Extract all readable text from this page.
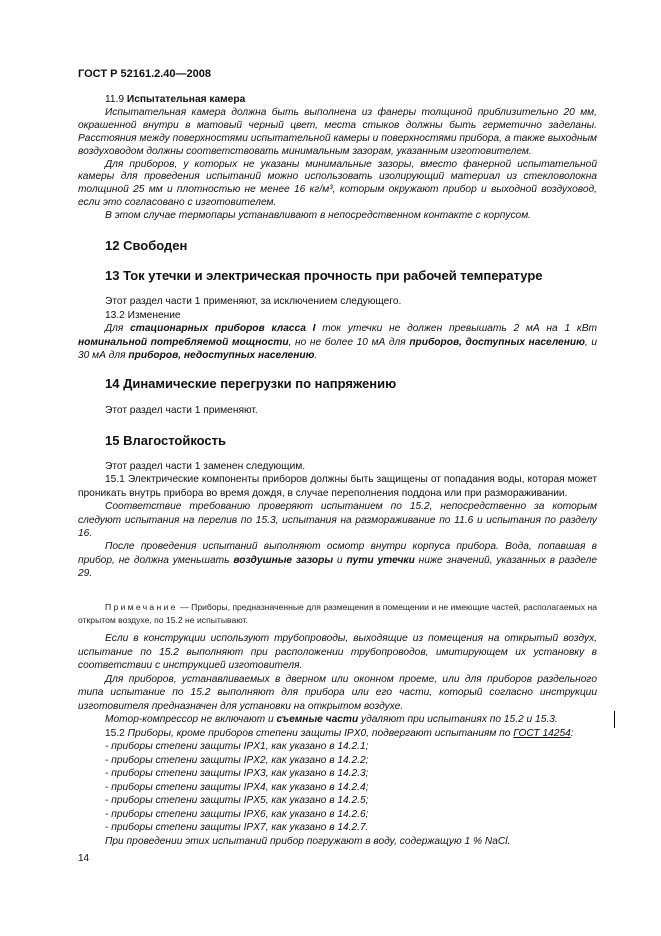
ГОСТ Р 52161.2.40—2008

11.9 Испытательная камера

Испытательная камера должна быть выполнена из фанеры толщиной приблизительно 20 мм, окрашенной внутри в матовый черный цвет, места стыков должны быть герметично заделаны. Расстояния между поверхностями испытательной камеры и поверхностями прибора, а также выходным воздуховодом должны соответствовать минимальным зазорам, указанным изготовителем.

Для приборов, у которых не указаны минимальные зазоры, вместо фанерной испытательной камеры для проведения испытаний можно использовать изолирующий материал из стекловолокна толщиной 25 мм и плотностью не менее 16 кг/м³, которым окружают прибор и выходной воздуховод, если это согласовано с изготовителем.

В этом случае термопары устанавливают в непосредственном контакте с корпусом.

12 Свободен
13 Ток утечки и электрическая прочность при рабочей температуре

Этот раздел части 1 применяют, за исключением следующего.

13.2 Изменение

Для стационарных приборов класса I ток утечки не должен превышать 2 мА на 1 кВт номинальной потребляемой мощности, но не более 10 мА для приборов, доступных населению, и 30 мА для приборов, недоступных населению.

14 Динамические перегрузки по напряжению

Этот раздел части 1 применяют.

15 Влагостойкость

Этот раздел части 1 заменен следующим.

15.1 Электрические компоненты приборов должны быть защищены от попадания воды, которая может проникать внутрь прибора во время дождя, в случае переполнения поддона или при размораживании.

Соответствие требованию проверяют испытанием по 15.2, непосредственно за которым следуют испытания на перелив по 15.3, испытания на размораживание по 11.6 и испытания по разделу 16.

После проведения испытаний выполняют осмотр внутри корпуса прибора. Вода, попавшая в прибор, не должна уменьшать воздушные зазоры и пути утечки ниже значений, указанных в разделе 29.

Примечание — Приборы, предназначенные для размещения в помещении и не имеющие частей, располагаемых на открытом воздухе, по 15.2 не испытывают.

Если в конструкции используют трубопроводы, выходящие из помещения на открытый воздух, испытание по 15.2 выполняют при расположении трубопроводов, имитирующем их установку в соответствии с инструкцией изготовителя.

Для приборов, устанавливаемых в дверном или оконном проеме, или для приборов раздельного типа испытание по 15.2 выполняют для прибора или его части, который согласно инструкции изготовителя предназначен для установки на открытом воздухе.

Мотор-компрессор не включают и съемные части удаляют при испытаниях по 15.2 и 15.3.

15.2 Приборы, кроме приборов степени защиты IPX0, подвергают испытаниям по ГОСТ 14254:

- приборы степени защиты IPX1, как указано в 14.2.1;

- приборы степени защиты IPX2, как указано в 14.2.2;

- приборы степени защиты IPX3, как указано в 14.2.3;

- приборы степени защиты IPX4, как указано в 14.2.4;

- приборы степени защиты IPX5, как указано в 14.2.5;

- приборы степени защиты IPX6, как указано в 14.2.6;

- приборы степени защиты IPX7, как указано в 14.2.7.

При проведении этих испытаний прибор погружают в воду, содержащую 1 % NaCl.

14
